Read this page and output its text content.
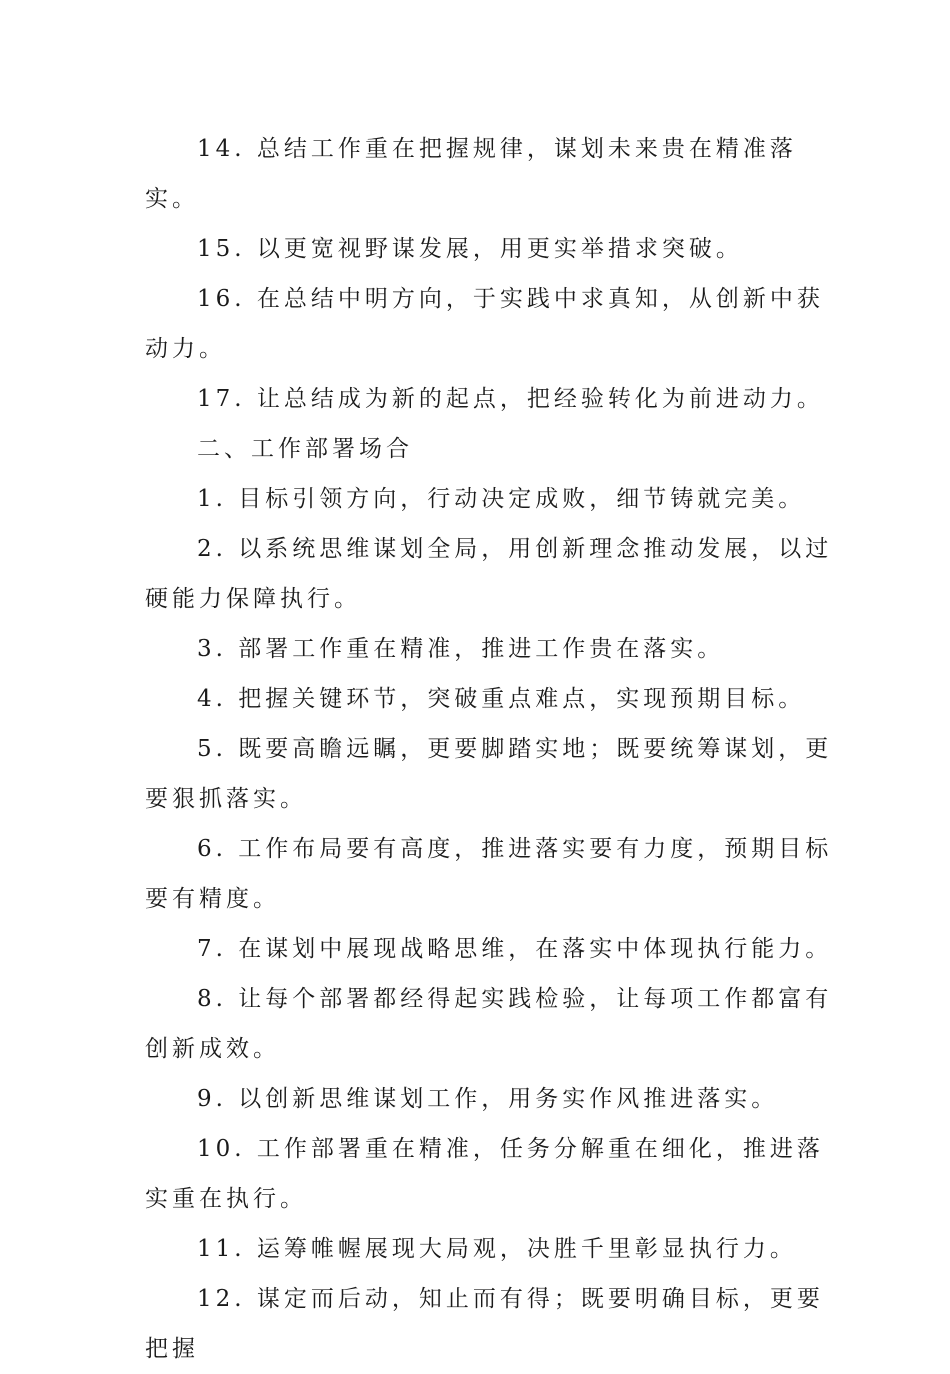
14. 总结工作重在把握规律，谋划未来贵在精准落实。

15. 以更宽视野谋发展，用更实举措求突破。

16. 在总结中明方向，于实践中求真知，从创新中获动力。

17. 让总结成为新的起点，把经验转化为前进动力。

二、工作部署场合

1. 目标引领方向，行动决定成败，细节铸就完美。

2. 以系统思维谋划全局，用创新理念推动发展，以过硬能力保障执行。

3. 部署工作重在精准，推进工作贵在落实。

4. 把握关键环节，突破重点难点，实现预期目标。

5. 既要高瞻远瞩，更要脚踏实地；既要统筹谋划，更要狠抓落实。

6. 工作布局要有高度，推进落实要有力度，预期目标要有精度。

7. 在谋划中展现战略思维，在落实中体现执行能力。

8. 让每个部署都经得起实践检验，让每项工作都富有创新成效。

9. 以创新思维谋划工作，用务实作风推进落实。

10. 工作部署重在精准，任务分解重在细化，推进落实重在执行。

11. 运筹帷幄展现大局观，决胜千里彰显执行力。

12. 谋定而后动，知止而有得；既要明确目标，更要把握
